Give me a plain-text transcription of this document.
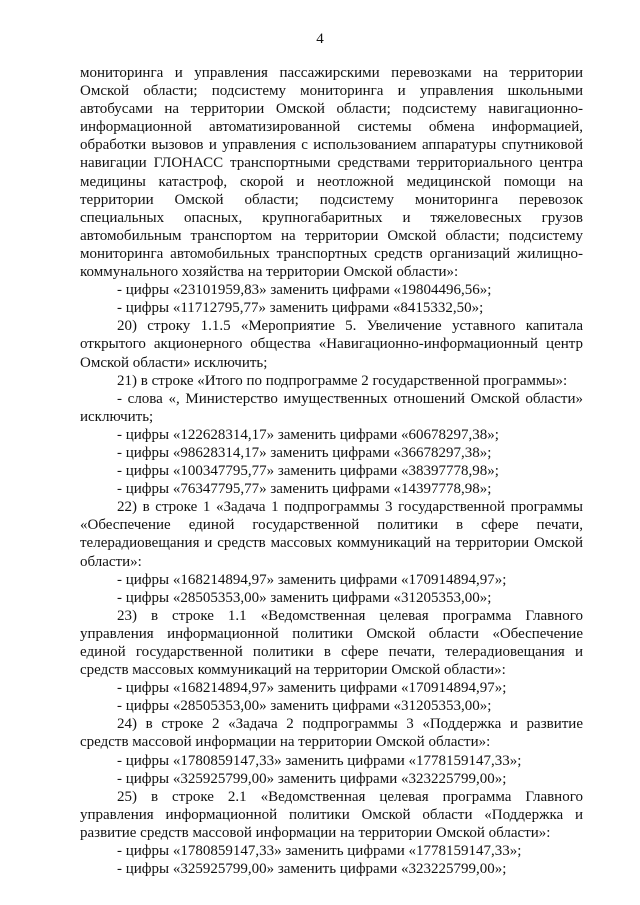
4

мониторинга и управления пассажирскими перевозками на территории Омской области; подсистему мониторинга и управления школьными автобусами на территории Омской области; подсистему навигационно-информационной автоматизированной системы обмена информацией, обработки вызовов и управления с использованием аппаратуры спутниковой навигации ГЛОНАСС транспортными средствами территориального центра медицины катастроф, скорой и неотложной медицинской помощи на территории Омской области; подсистему мониторинга перевозок специальных опасных, крупногабаритных и тяжеловесных грузов автомобильным транспортом на территории Омской области; подсистему мониторинга автомобильных транспортных средств организаций жилищно-коммунального хозяйства на территории Омской области»:

- цифры «23101959,83» заменить цифрами «19804496,56»;

- цифры «11712795,77» заменить цифрами «8415332,50»;

20) строку 1.1.5 «Мероприятие 5. Увеличение уставного капитала открытого акционерного общества «Навигационно-информационный центр Омской области» исключить;

21) в строке «Итого по подпрограмме 2 государственной программы»:

- слова «, Министерство имущественных отношений Омской области» исключить;

- цифры «122628314,17» заменить цифрами «60678297,38»;

- цифры «98628314,17» заменить цифрами «36678297,38»;

- цифры «100347795,77» заменить цифрами «38397778,98»;

- цифры «76347795,77» заменить цифрами «14397778,98»;

22) в строке 1 «Задача 1 подпрограммы 3 государственной программы «Обеспечение единой государственной политики в сфере печати, телерадиовещания и средств массовых коммуникаций на территории Омской области»:

- цифры «168214894,97» заменить цифрами «170914894,97»;

- цифры «28505353,00» заменить цифрами «31205353,00»;

23) в строке 1.1 «Ведомственная целевая программа Главного управления информационной политики Омской области «Обеспечение единой государственной политики в сфере печати, телерадиовещания и средств массовых коммуникаций на территории Омской области»:

- цифры «168214894,97» заменить цифрами «170914894,97»;

- цифры «28505353,00» заменить цифрами «31205353,00»;

24) в строке 2 «Задача 2 подпрограммы 3 «Поддержка и развитие средств массовой информации на территории Омской области»:

- цифры «1780859147,33» заменить цифрами «1778159147,33»;

- цифры «325925799,00» заменить цифрами «323225799,00»;

25) в строке 2.1 «Ведомственная целевая программа Главного управления информационной политики Омской области «Поддержка и развитие средств массовой информации на территории Омской области»:

- цифры «1780859147,33» заменить цифрами «1778159147,33»;

- цифры «325925799,00» заменить цифрами «323225799,00»;
